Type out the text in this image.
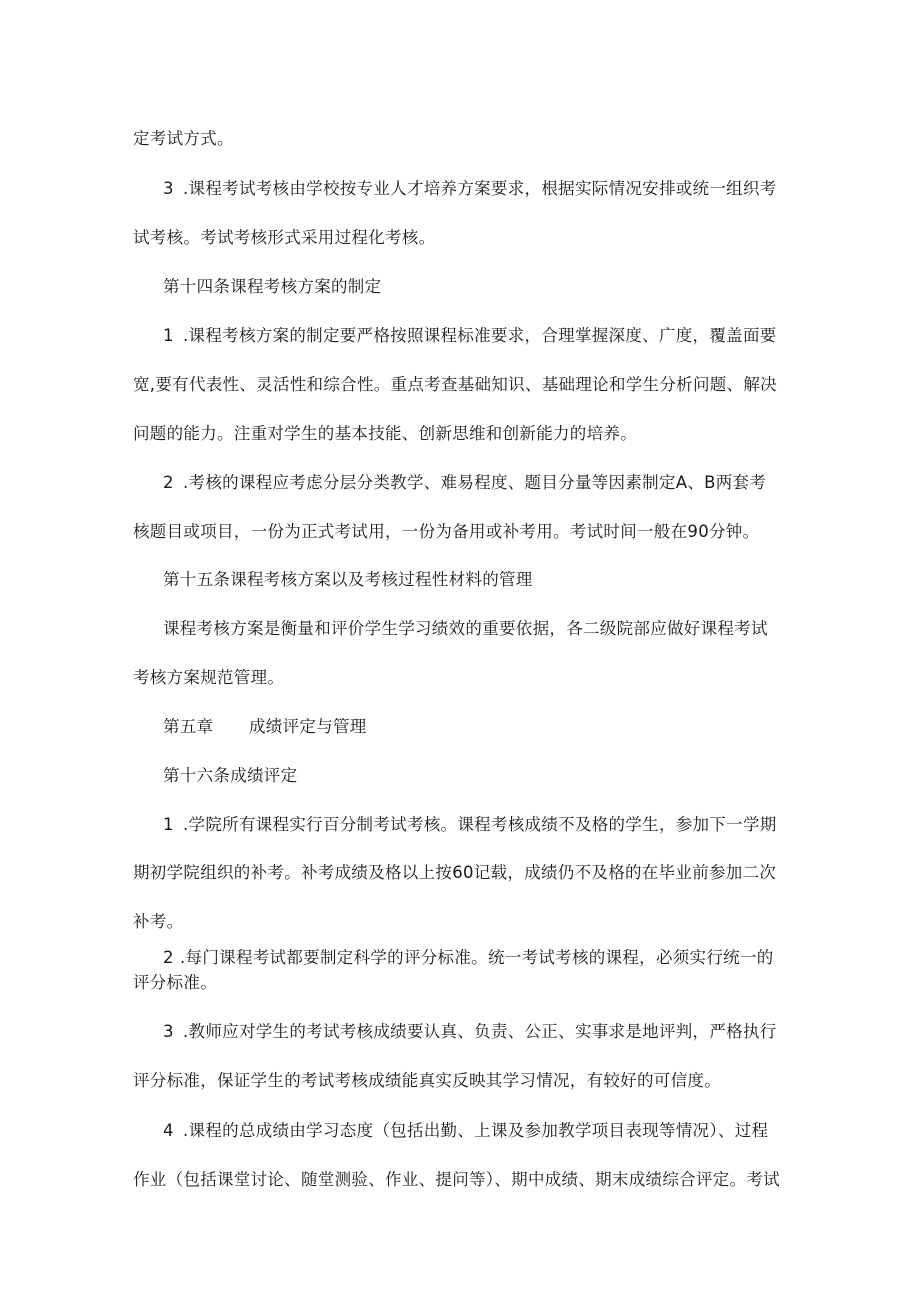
定考试方式。
3 .课程考试考核由学校按专业人才培养方案要求，根据实际情况安排或统一组织考
试考核。考试考核形式采用过程化考核。
第十四条课程考核方案的制定
1 .课程考核方案的制定要严格按照课程标准要求，合理掌握深度、广度，覆盖面要
宽,要有代表性、灵活性和综合性。重点考查基础知识、基础理论和学生分析问题、解决
问题的能力。注重对学生的基本技能、创新思维和创新能力的培养。
2 .考核的课程应考虑分层分类教学、难易程度、题目分量等因素制定A、B两套考
核题目或项目，一份为正式考试用，一份为备用或补考用。考试时间一般在90分钟。
第十五条课程考核方案以及考核过程性材料的管理
课程考核方案是衡量和评价学生学习绩效的重要依据，各二级院部应做好课程考试
考核方案规范管理。
第五章 成绩评定与管理
第十六条成绩评定
1 .学院所有课程实行百分制考试考核。课程考核成绩不及格的学生，参加下一学期
期初学院组织的补考。补考成绩及格以上按60记载，成绩仍不及格的在毕业前参加二次
补考。
2 .每门课程考试都要制定科学的评分标准。统一考试考核的课程，必须实行统一的
评分标准。
3 .教师应对学生的考试考核成绩要认真、负责、公正、实事求是地评判，严格执行
评分标准，保证学生的考试考核成绩能真实反映其学习情况，有较好的可信度。
4 .课程的总成绩由学习态度（包括出勤、上课及参加教学项目表现等情况）、过程
作业（包括课堂讨论、随堂测验、作业、提问等）、期中成绩、期末成绩综合评定。考试
